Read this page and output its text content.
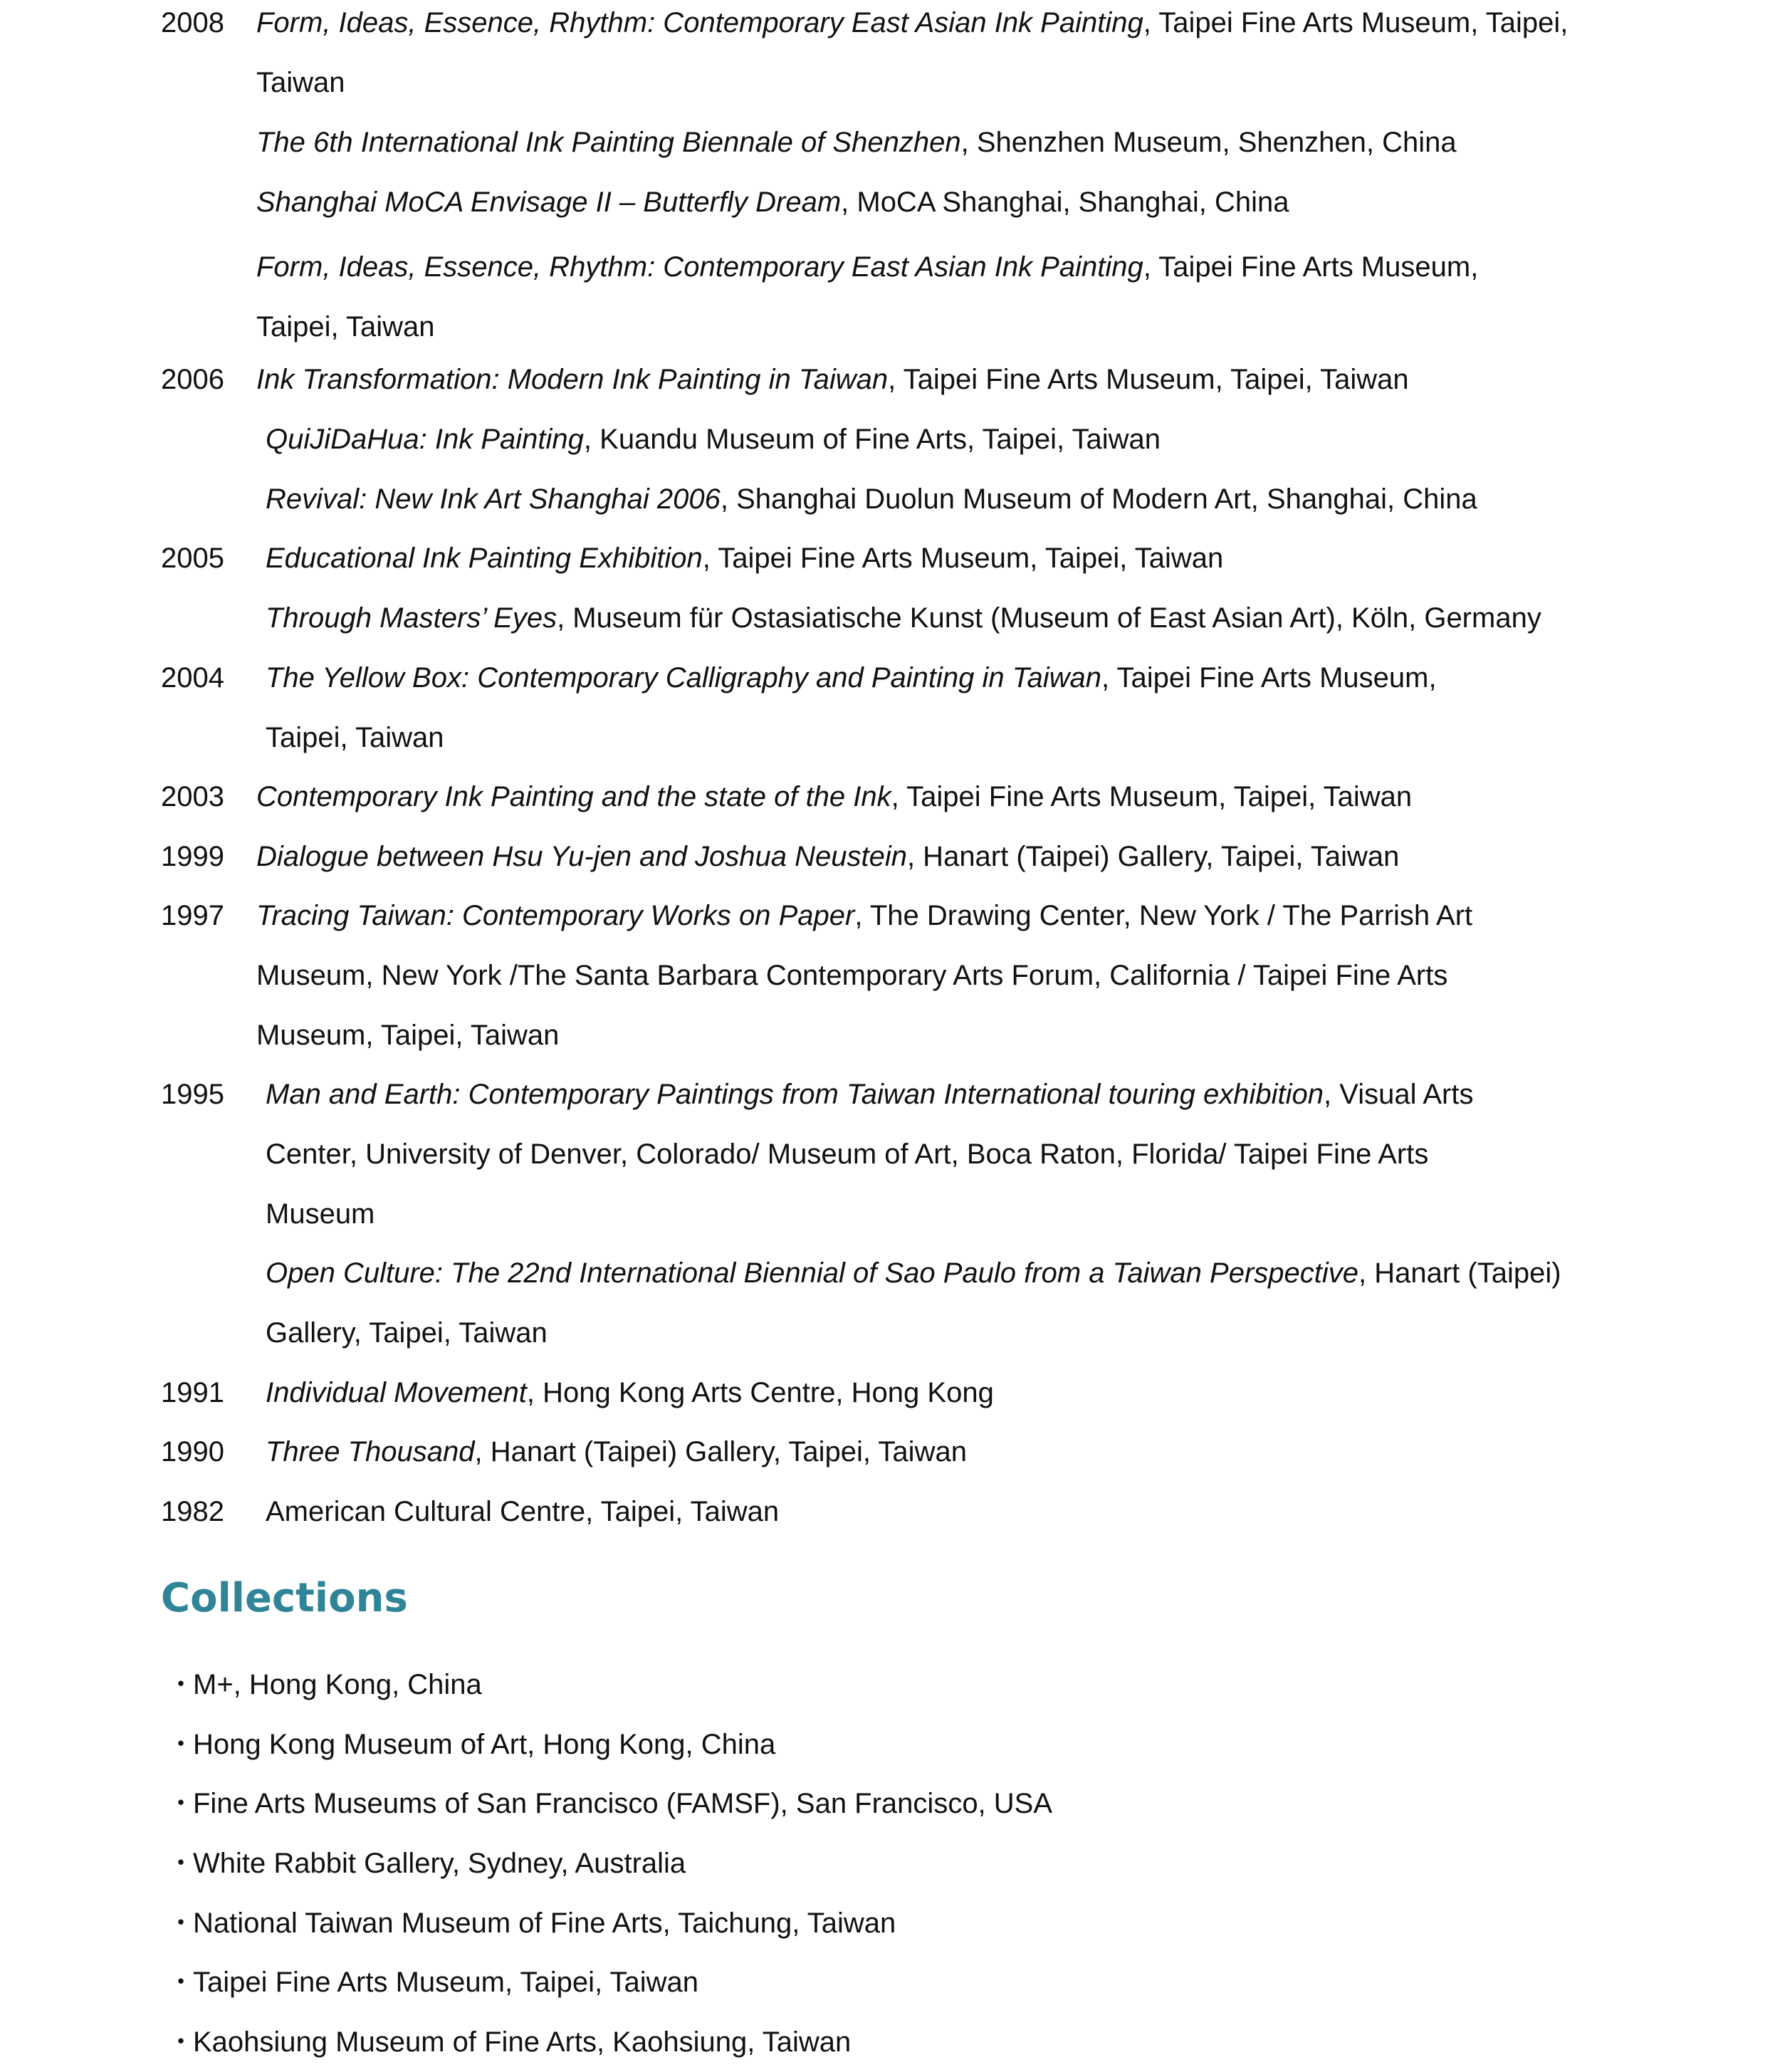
2008 Form, Ideas, Essence, Rhythm: Contemporary East Asian Ink Painting, Taipei Fine Arts Museum, Taipei,
Taiwan
The 6th International Ink Painting Biennale of Shenzhen, Shenzhen Museum, Shenzhen, China
Shanghai MoCA Envisage II – Butterfly Dream, MoCA Shanghai, Shanghai, China
Form, Ideas, Essence, Rhythm: Contemporary East Asian Ink Painting, Taipei Fine Arts Museum,
Taipei, Taiwan
2006 Ink Transformation: Modern Ink Painting in Taiwan, Taipei Fine Arts Museum, Taipei, Taiwan
QuiJiDaHua: Ink Painting, Kuandu Museum of Fine Arts, Taipei, Taiwan
Revival: New Ink Art Shanghai 2006, Shanghai Duolun Museum of Modern Art, Shanghai, China
2005 Educational Ink Painting Exhibition, Taipei Fine Arts Museum, Taipei, Taiwan
Through Masters’ Eyes, Museum für Ostasiatische Kunst (Museum of East Asian Art), Köln, Germany
2004 The Yellow Box: Contemporary Calligraphy and Painting in Taiwan, Taipei Fine Arts Museum,
Taipei, Taiwan
2003 Contemporary Ink Painting and the state of the Ink, Taipei Fine Arts Museum, Taipei, Taiwan
1999 Dialogue between Hsu Yu-jen and Joshua Neustein, Hanart (Taipei) Gallery, Taipei, Taiwan
1997 Tracing Taiwan: Contemporary Works on Paper, The Drawing Center, New York / The Parrish Art
Museum, New York /The Santa Barbara Contemporary Arts Forum, California / Taipei Fine Arts
Museum, Taipei, Taiwan
1995 Man and Earth: Contemporary Paintings from Taiwan International touring exhibition, Visual Arts
Center, University of Denver, Colorado/ Museum of Art, Boca Raton, Florida/ Taipei Fine Arts
Museum
Open Culture: The 22nd International Biennial of Sao Paulo from a Taiwan Perspective, Hanart (Taipei)
Gallery, Taipei, Taiwan
1991 Individual Movement, Hong Kong Arts Centre, Hong Kong
1990 Three Thousand, Hanart (Taipei) Gallery, Taipei, Taiwan
1982 American Cultural Centre, Taipei, Taiwan
Collections
・
M+, Hong Kong, China
・
Hong Kong Museum of Art, Hong Kong, China
・
Fine Arts Museums of San Francisco (FAMSF), San Francisco, USA
・
White Rabbit Gallery, Sydney, Australia
・
National Taiwan Museum of Fine Arts, Taichung, Taiwan
・
Taipei Fine Arts Museum, Taipei, Taiwan
・
Kaohsiung Museum of Fine Arts, Kaohsiung, Taiwan
